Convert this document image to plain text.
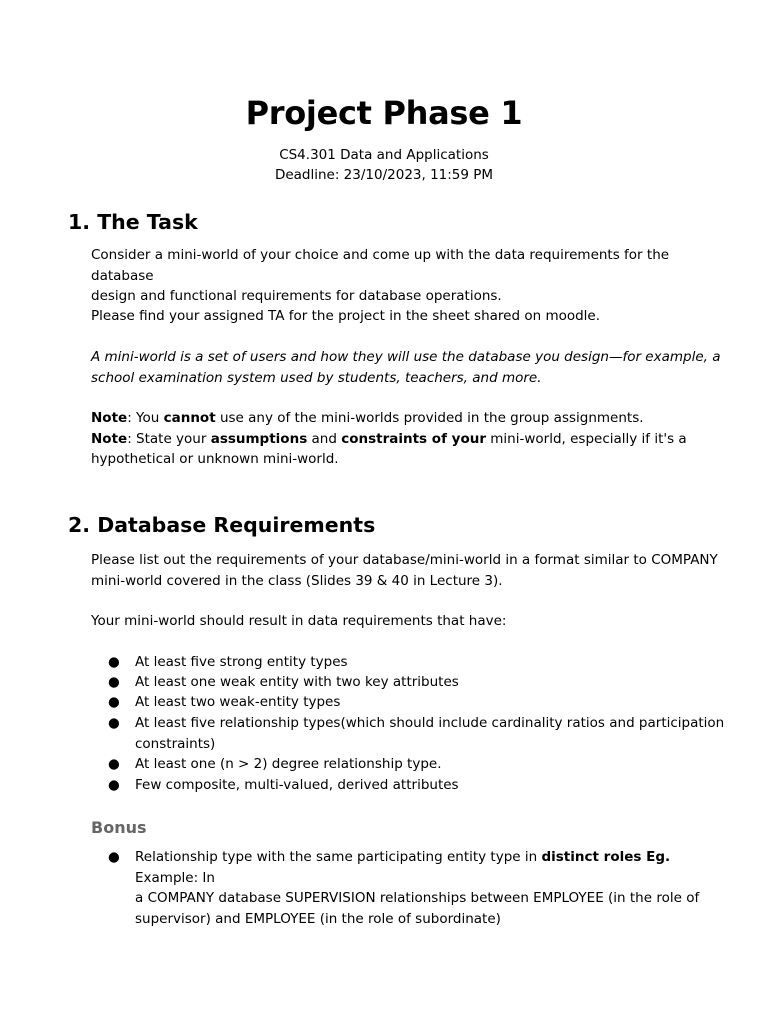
Project Phase 1
CS4.301 Data and Applications
Deadline: 23/10/2023, 11:59 PM
1. The Task
Consider a mini-world of your choice and come up with the data requirements for the database
design and functional requirements for database operations.
Please find your assigned TA for the project in the sheet shared on moodle.
A mini-world is a set of users and how they will use the database you design—for example, a
school examination system used by students, teachers, and more.
Note: You cannot use any of the mini-worlds provided in the group assignments.
Note: State your assumptions and constraints of your mini-world, especially if it's a
hypothetical or unknown mini-world.
2. Database Requirements
Please list out the requirements of your database/mini-world in a format similar to COMPANY
mini-world covered in the class (Slides 39 & 40 in Lecture 3).
Your mini-world should result in data requirements that have:
● At least five strong entity types
● At least one weak entity with two key attributes
● At least two weak-entity types
● At least five relationship types(which should include cardinality ratios and participation
constraints)
● At least one (n > 2) degree relationship type.
● Few composite, multi-valued, derived attributes
Bonus
● Relationship type with the same participating entity type in distinct roles Eg. Example: In
a COMPANY database SUPERVISION relationships between EMPLOYEE (in the role of
supervisor) and EMPLOYEE (in the role of subordinate)
